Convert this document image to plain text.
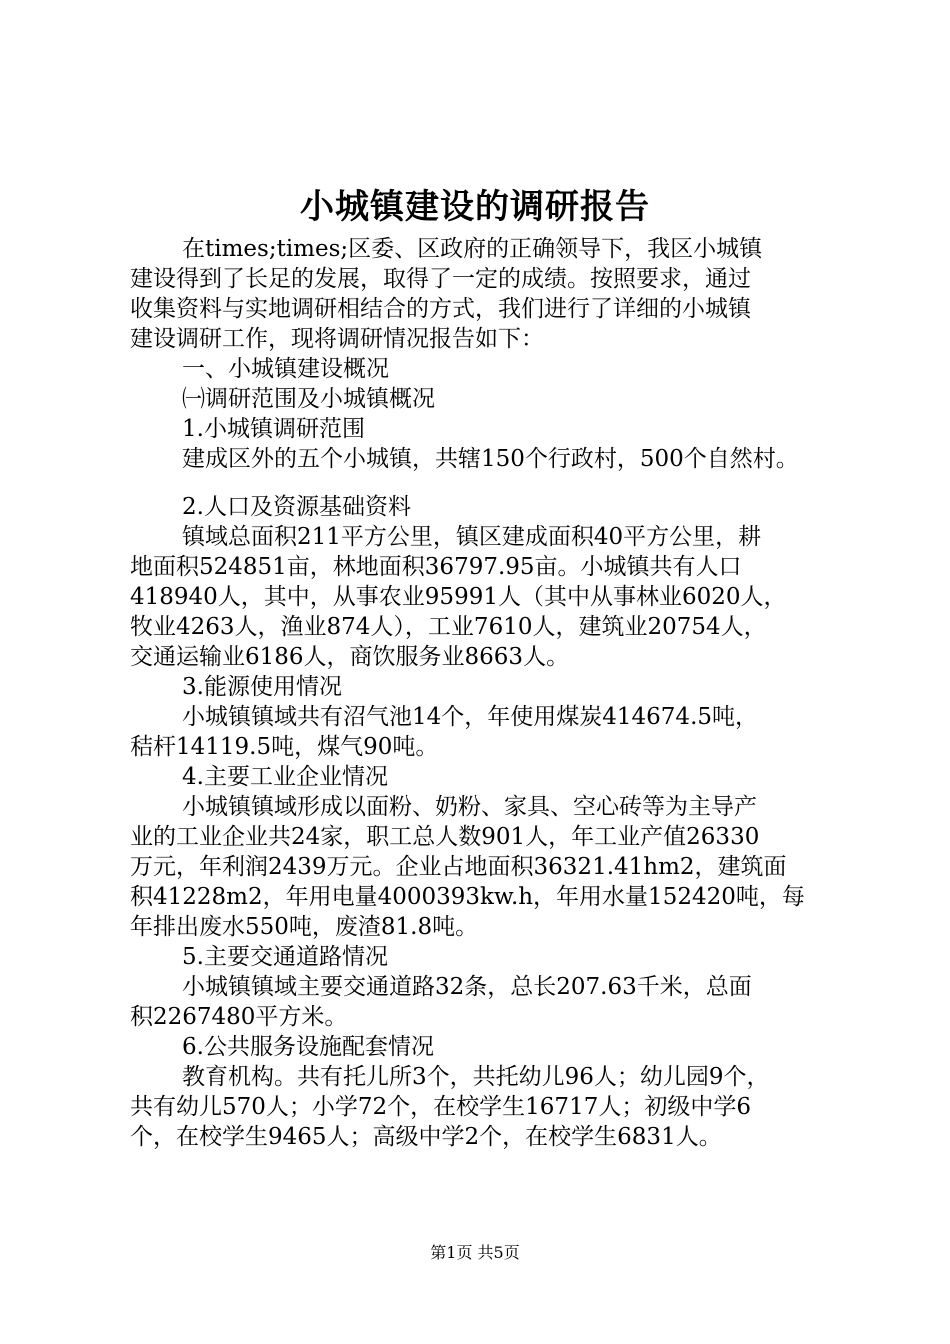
小城镇建设的调研报告
在times;times;区委、区政府的正确领导下，我区小城镇
建设得到了长足的发展，取得了一定的成绩。按照要求，通过
收集资料与实地调研相结合的方式，我们进行了详细的小城镇
建设调研工作，现将调研情况报告如下：
一、小城镇建设概况
㈠调研范围及小城镇概况
1.小城镇调研范围
建成区外的五个小城镇，共辖150个行政村，500个自然村。
2.人口及资源基础资料
镇域总面积211平方公里，镇区建成面积40平方公里，耕
地面积524851亩，林地面积36797.95亩。小城镇共有人口
418940人，其中，从事农业95991人（其中从事林业6020人，
牧业4263人，渔业874人），工业7610人，建筑业20754人，
交通运输业6186人，商饮服务业8663人。
3.能源使用情况
小城镇镇域共有沼气池14个，年使用煤炭414674.5吨，
秸杆14119.5吨，煤气90吨。
4.主要工业企业情况
小城镇镇域形成以面粉、奶粉、家具、空心砖等为主导产
业的工业企业共24家，职工总人数901人，年工业产值26330
万元，年利润2439万元。企业占地面积36321.41hm2，建筑面
积41228m2，年用电量4000393kw.h，年用水量152420吨，每
年排出废水550吨，废渣81.8吨。
5.主要交通道路情况
小城镇镇域主要交通道路32条，总长207.63千米，总面
积2267480平方米。
6.公共服务设施配套情况
教育机构。共有托儿所3个，共托幼儿96人；幼儿园9个，
共有幼儿570人；小学72个，在校学生16717人；初级中学6
个，在校学生9465人；高级中学2个，在校学生6831人。
第1页 共5页
